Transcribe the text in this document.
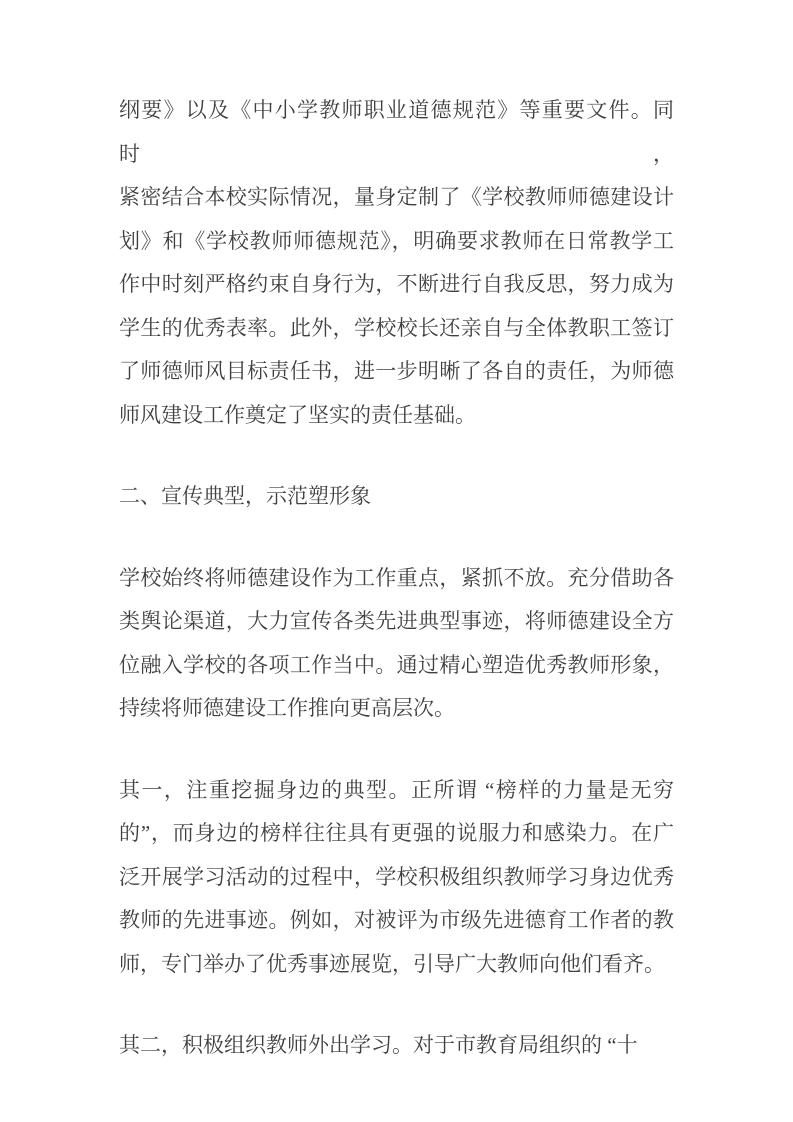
纲要》以及《中小学教师职业道德规范》等重要文件。同时，
紧密结合本校实际情况，量身定制了《学校教师师德建设计
划》和《学校教师师德规范》，明确要求教师在日常教学工
作中时刻严格约束自身行为，不断进行自我反思，努力成为
学生的优秀表率。此外，学校校长还亲自与全体教职工签订
了师德师风目标责任书，进一步明晰了各自的责任，为师德
师风建设工作奠定了坚实的责任基础。
二、宣传典型，示范塑形象
学校始终将师德建设作为工作重点，紧抓不放。充分借助各
类舆论渠道，大力宣传各类先进典型事迹，将师德建设全方
位融入学校的各项工作当中。通过精心塑造优秀教师形象，
持续将师德建设工作推向更高层次。
其一，注重挖掘身边的典型。正所谓 “榜样的力量是无穷
的”，而身边的榜样往往具有更强的说服力和感染力。在广
泛开展学习活动的过程中，学校积极组织教师学习身边优秀
教师的先进事迹。例如，对被评为市级先进德育工作者的教
师，专门举办了优秀事迹展览，引导广大教师向他们看齐。
其二，积极组织教师外出学习。对于市教育局组织的 “十
